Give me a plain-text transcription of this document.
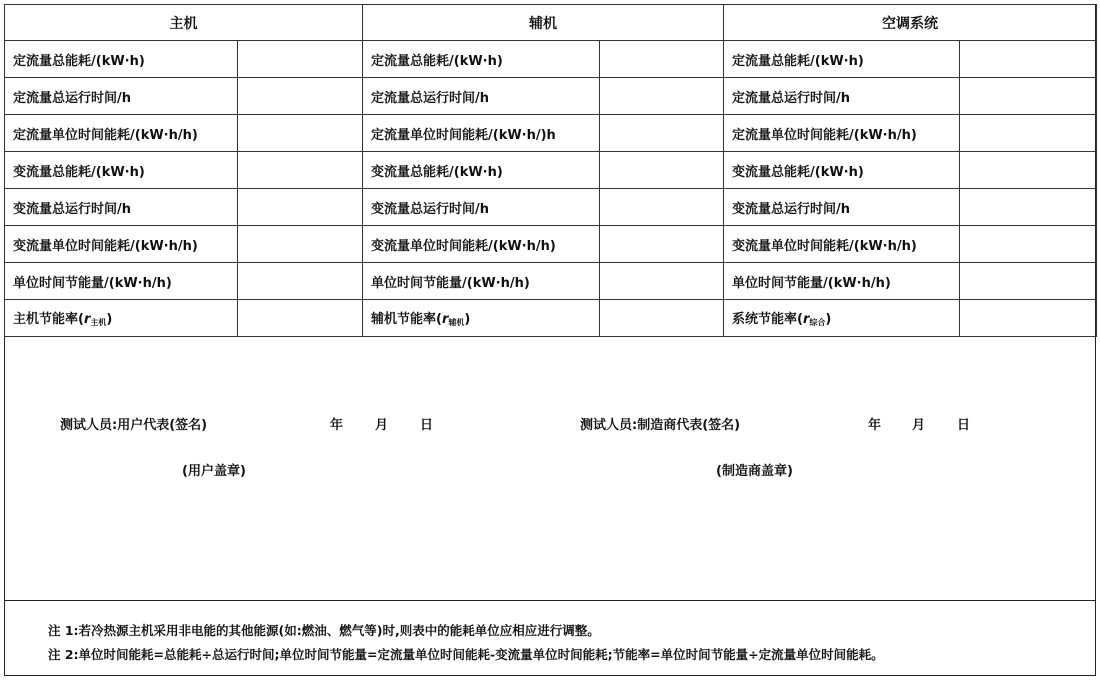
主机		辅机		空调系统	
定流量总能耗/(kW·h)		定流量总能耗/(kW·h)		定流量总能耗/(kW·h)	
定流量总运行时间/h		定流量总运行时间/h		定流量总运行时间/h	
定流量单位时间能耗/(kW·h/h)		定流量单位时间能耗/(kW·h/)h		定流量单位时间能耗/(kW·h/h)	
变流量总能耗/(kW·h)		变流量总能耗/(kW·h)		变流量总能耗/(kW·h)	
变流量总运行时间/h		变流量总运行时间/h		变流量总运行时间/h	
变流量单位时间能耗/(kW·h/h)		变流量单位时间能耗/(kW·h/h)		变流量单位时间能耗/(kW·h/h)	
单位时间节能量/(kW·h/h)		单位时间节能量/(kW·h/h)		单位时间节能量/(kW·h/h)	
主机节能率$(r_{主机})$		辅机节能率$(r_{辅机})$		系统节能率$(r_{综合})$	
测试人员:用户代表(签名)	年 月 日
(用户盖章)
测试人员:制造商代表(签名)	年 月 日
(制造商盖章)
注 1:若冷热源主机采用非电能的其他能源(如:燃油、燃气等)时,则表中的能耗单位应相应进行调整。
注 2:单位时间能耗=总能耗÷总运行时间;单位时间节能量=定流量单位时间能耗-变流量单位时间能耗;节能率=单位时间节能量÷定流量单位时间能耗。
